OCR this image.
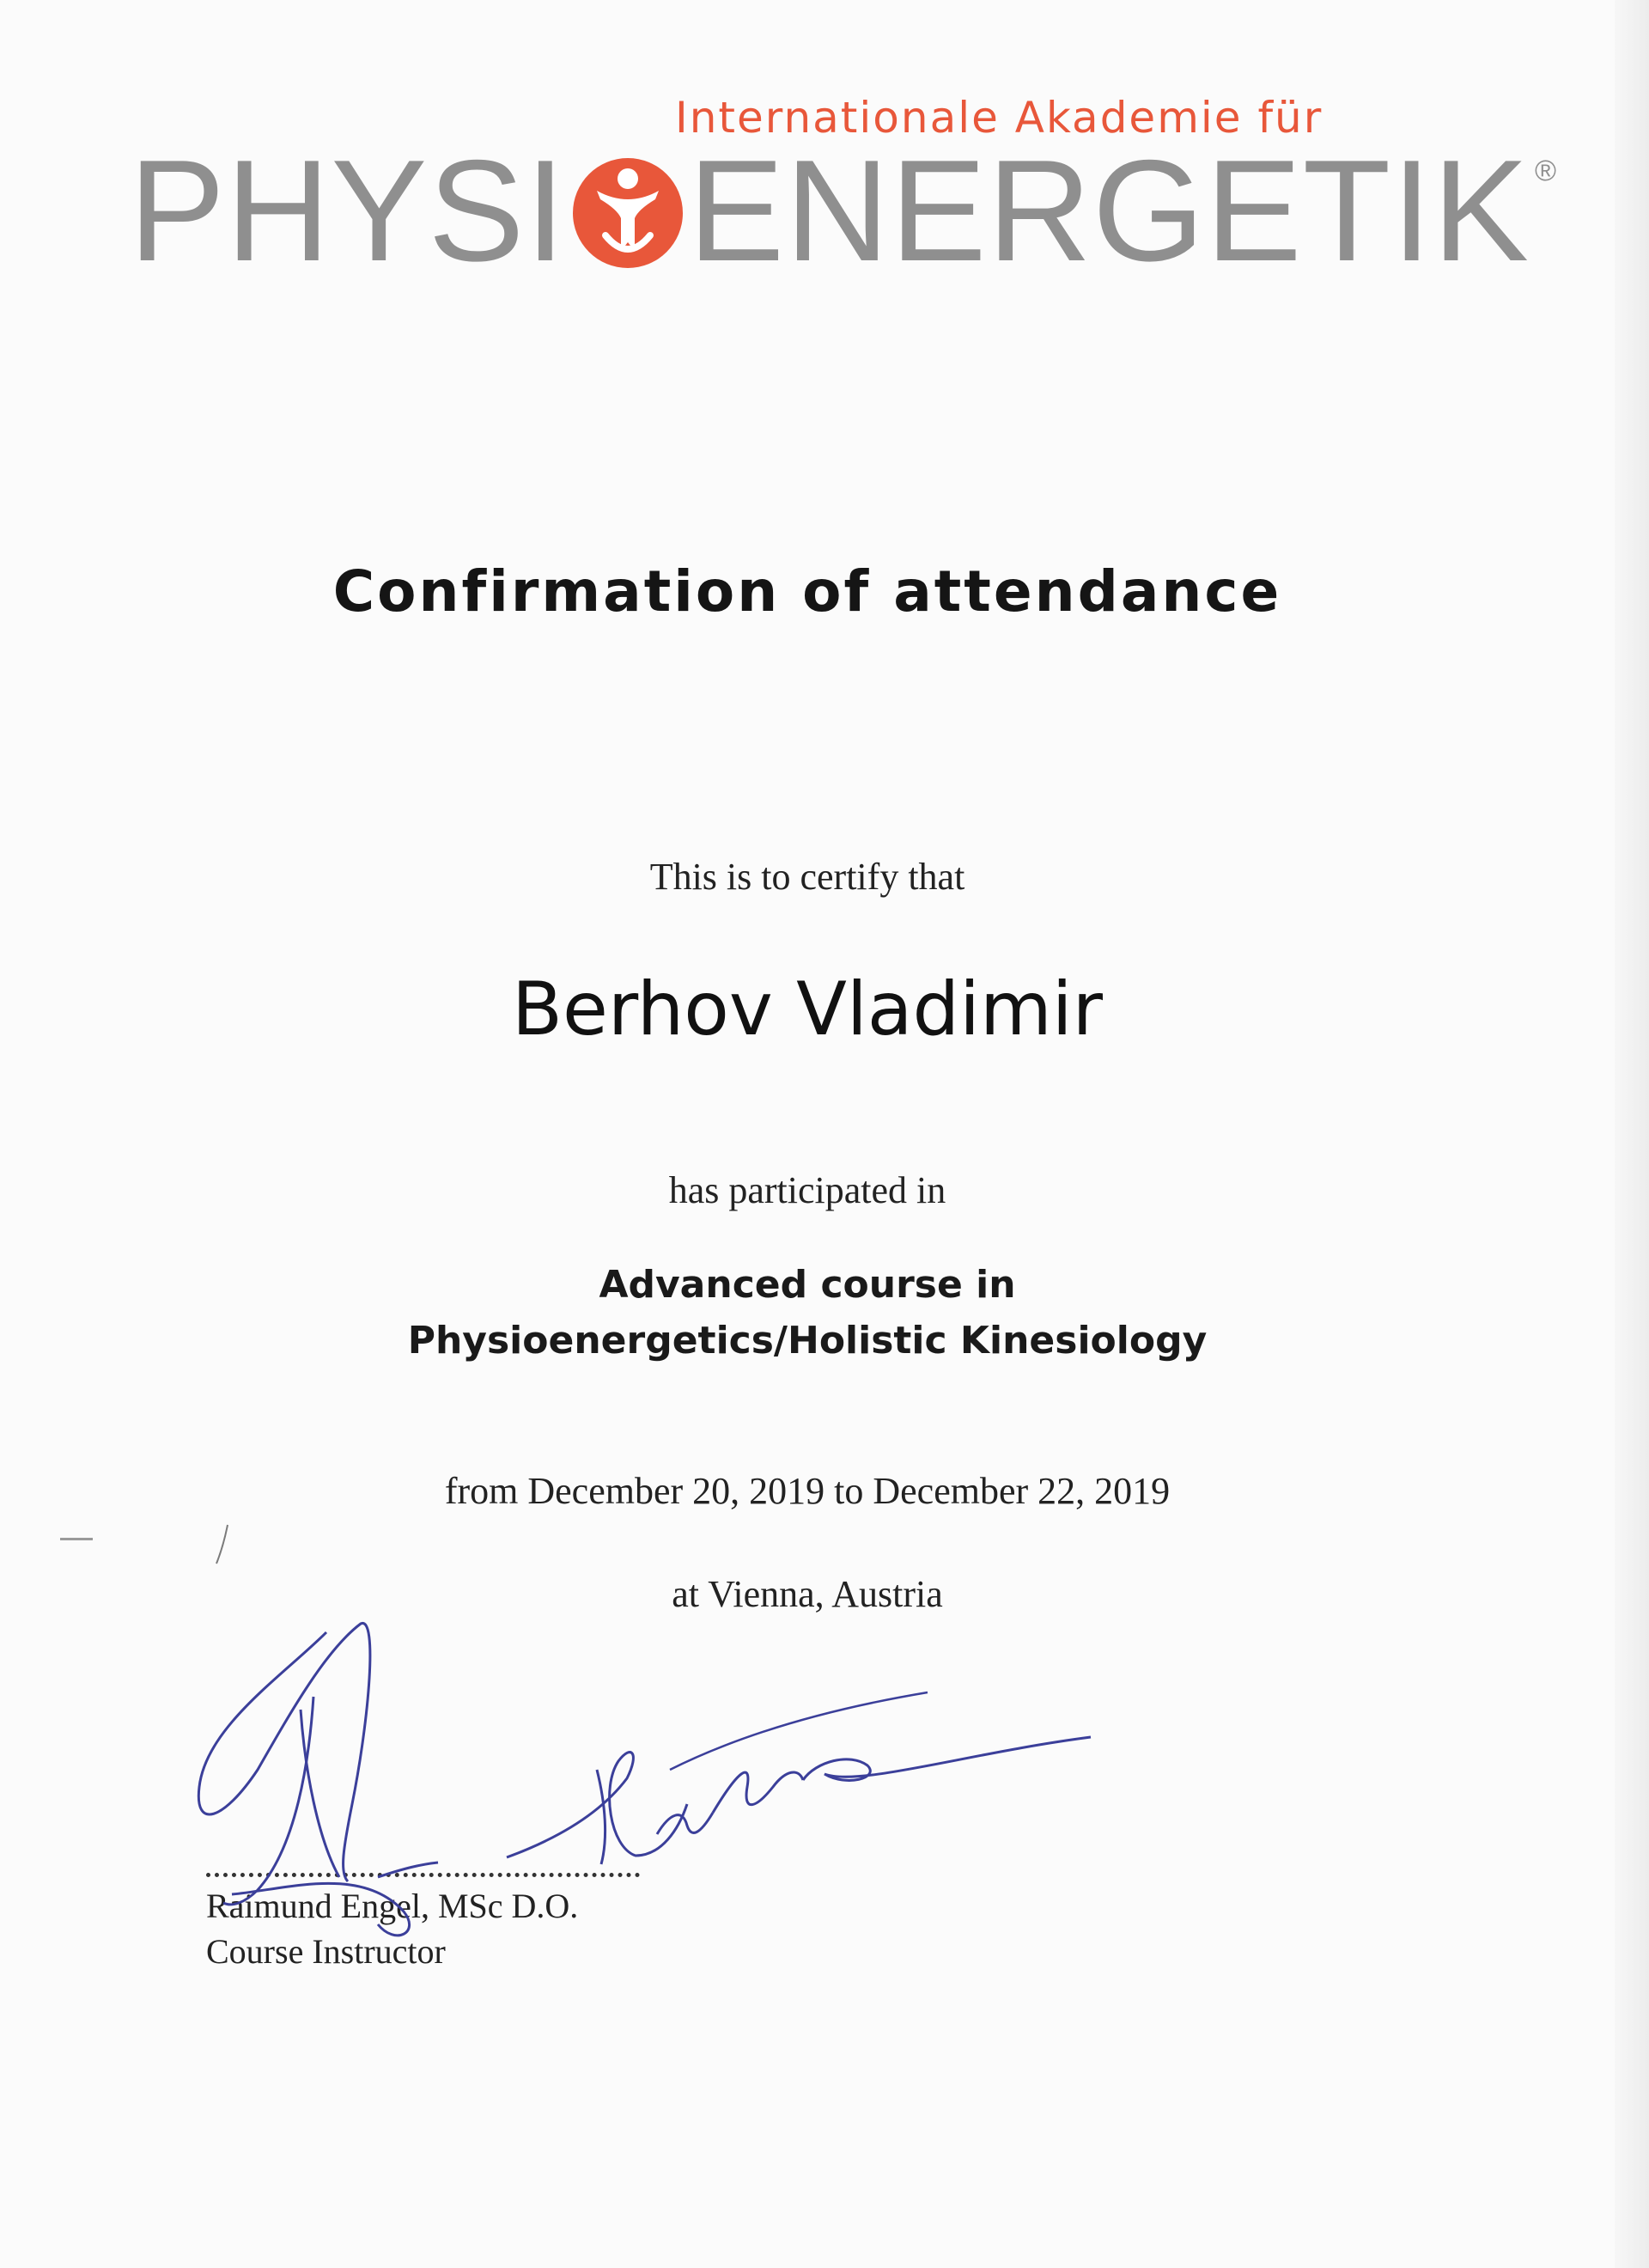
Internationale Akademie für
PHYSI ENERGETIK ®
Confirmation of attendance
This is to certify that
Berhov Vladimir
has participated in
Advanced course in
Physioenergetics/Holistic Kinesiology
from December 20, 2019 to December 22, 2019
at Vienna, Austria
Raimund Engel, MSc D.O.
Course Instructor
